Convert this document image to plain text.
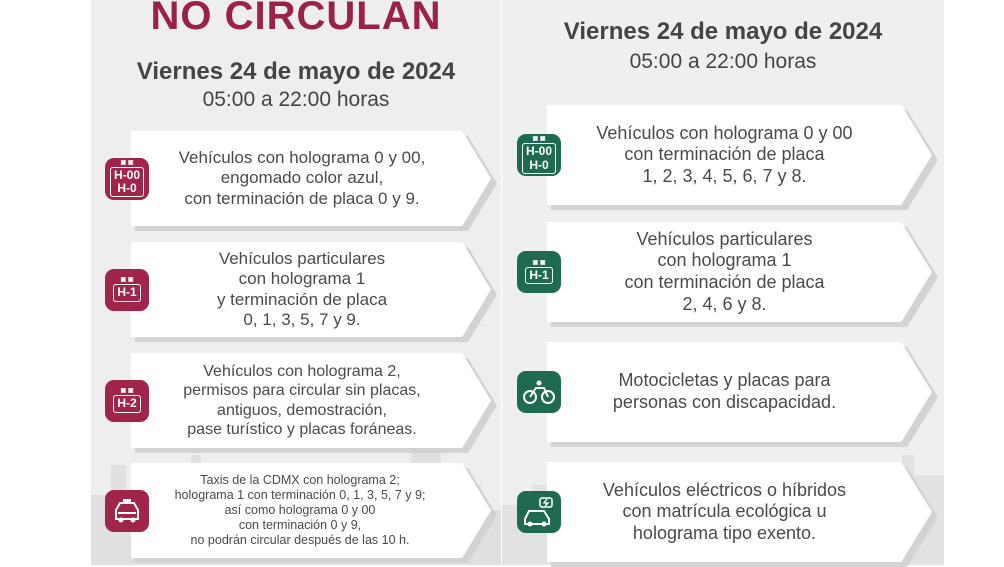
NO CIRCULAN
Viernes 24 de mayo de 2024
05:00 a 22:00 horas
Viernes 24 de mayo de 2024
05:00 a 22:00 horas
Vehículos con holograma 0 y 00,
engomado color azul,
con terminación de placa 0 y 9.
▣ ▣
H-00
H-0
Vehículos particulares
con holograma 1
y terminación de placa
0, 1, 3, 5, 7 y 9.
▣ ▣
H-1
Vehículos con holograma 2,
permisos para circular sin placas,
antiguos, demostración,
pase turístico y placas foráneas.
▣ ▣
H-2
Taxis de la CDMX con holograma 2;
holograma 1 con terminación 0, 1, 3, 5, 7 y 9;
así como holograma 0 y 00
con terminación 0 y 9,
no podrán circular después de las 10 h.
Vehículos con holograma 0 y 00
con terminación de placa
1, 2, 3, 4, 5, 6, 7 y 8.
▣ ▣
H-00
H-0
Vehículos particulares
con holograma 1
con terminación de placa
2, 4, 6 y 8.
▣ ▣
H-1
Motocicletas y placas para
personas con discapacidad.
Vehículos eléctricos o híbridos
con matrícula ecológica u
holograma tipo exento.
